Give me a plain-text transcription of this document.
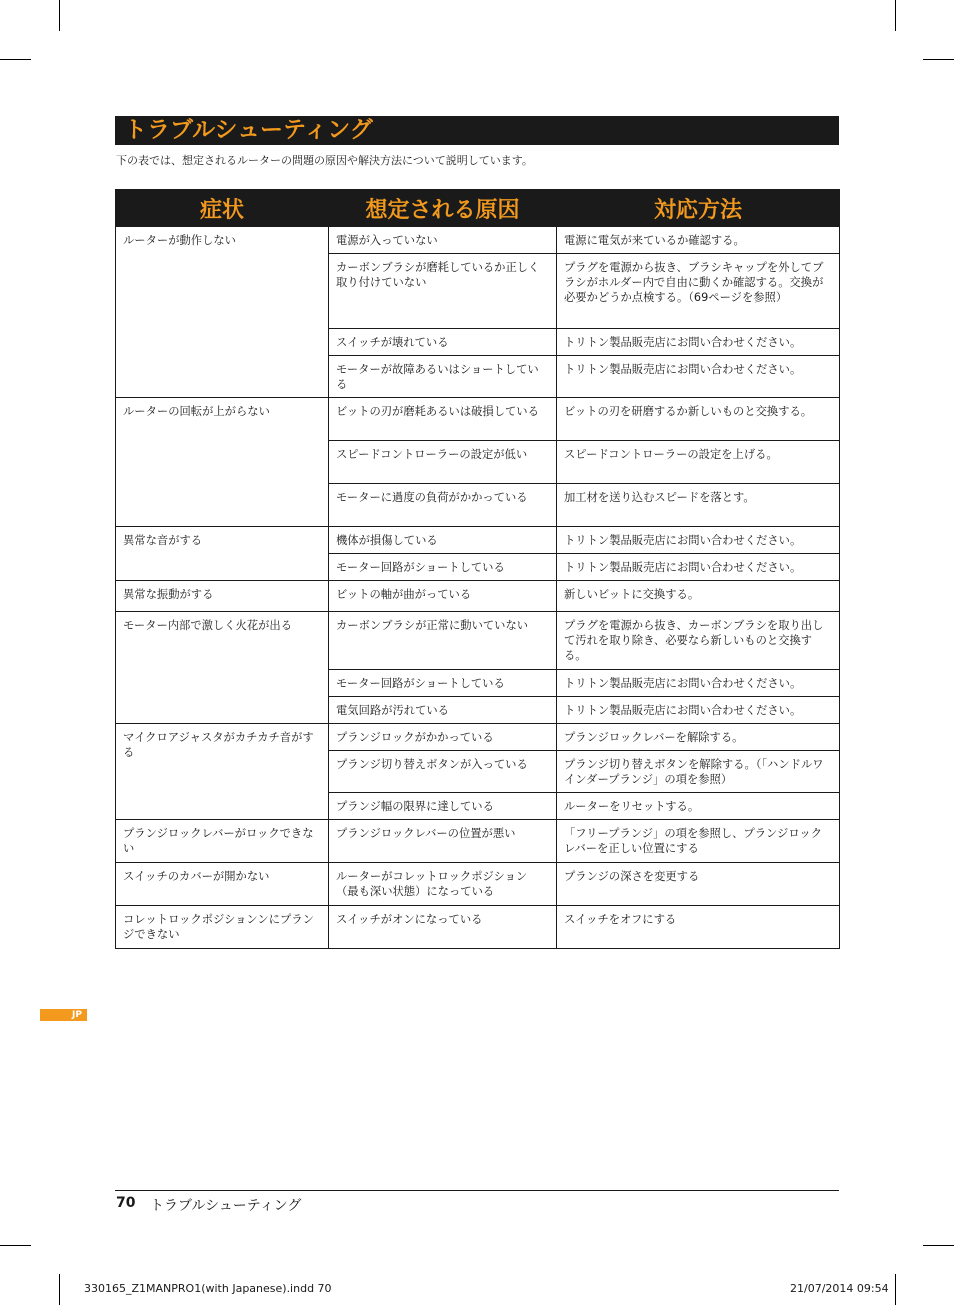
トラブルシューティング
下の表では、想定されるルーターの問題の原因や解決方法について説明しています。
症状	想定される原因	対応方法
ルーターが動作しない	電源が入っていない	電源に電気が来ているか確認する。
	カーボンブラシが磨耗しているか正しく取り付けていない	プラグを電源から抜き、ブラシキャップを外してブラシがホルダー内で自由に動くか確認する。交換が必要かどうか点検する。（69ページを参照）
	スイッチが壊れている	トリトン製品販売店にお問い合わせください。
	モーターが故障あるいはショートしている	トリトン製品販売店にお問い合わせください。
ルーターの回転が上がらない	ビットの刃が磨耗あるいは破損している	ビットの刃を研磨するか新しいものと交換する。
	スピードコントローラーの設定が低い	スピードコントローラーの設定を上げる。
	モーターに過度の負荷がかかっている	加工材を送り込むスピードを落とす。
異常な音がする	機体が損傷している	トリトン製品販売店にお問い合わせください。
	モーター回路がショートしている	トリトン製品販売店にお問い合わせください。
異常な振動がする	ビットの軸が曲がっている	新しいビットに交換する。
モーター内部で激しく火花が出る	カーボンブラシが正常に動いていない	プラグを電源から抜き、カーボンブラシを取り出して汚れを取り除き、必要なら新しいものと交換する。
	モーター回路がショートしている	トリトン製品販売店にお問い合わせください。
	電気回路が汚れている	トリトン製品販売店にお問い合わせください。
マイクロアジャスタがカチカチ音がする	プランジロックがかかっている	プランジロックレバーを解除する。
	プランジ切り替えボタンが入っている	プランジ切り替えボタンを解除する。（「ハンドルワインダープランジ」の項を参照）
	プランジ幅の限界に達している	ルーターをリセットする。
プランジロックレバーがロックできない	プランジロックレバーの位置が悪い	「フリープランジ」の項を参照し、プランジロックレバーを正しい位置にする
スイッチのカバーが開かない	ルーターがコレットロックポジション（最も深い状態）になっている	プランジの深さを変更する
コレットロックポジションンにプランジできない	スイッチがオンになっている	スイッチをオフにする
JP
70 トラブルシューティング
330165_Z1MANPRO1(with Japanese).indd 70	21/07/2014 09:54
